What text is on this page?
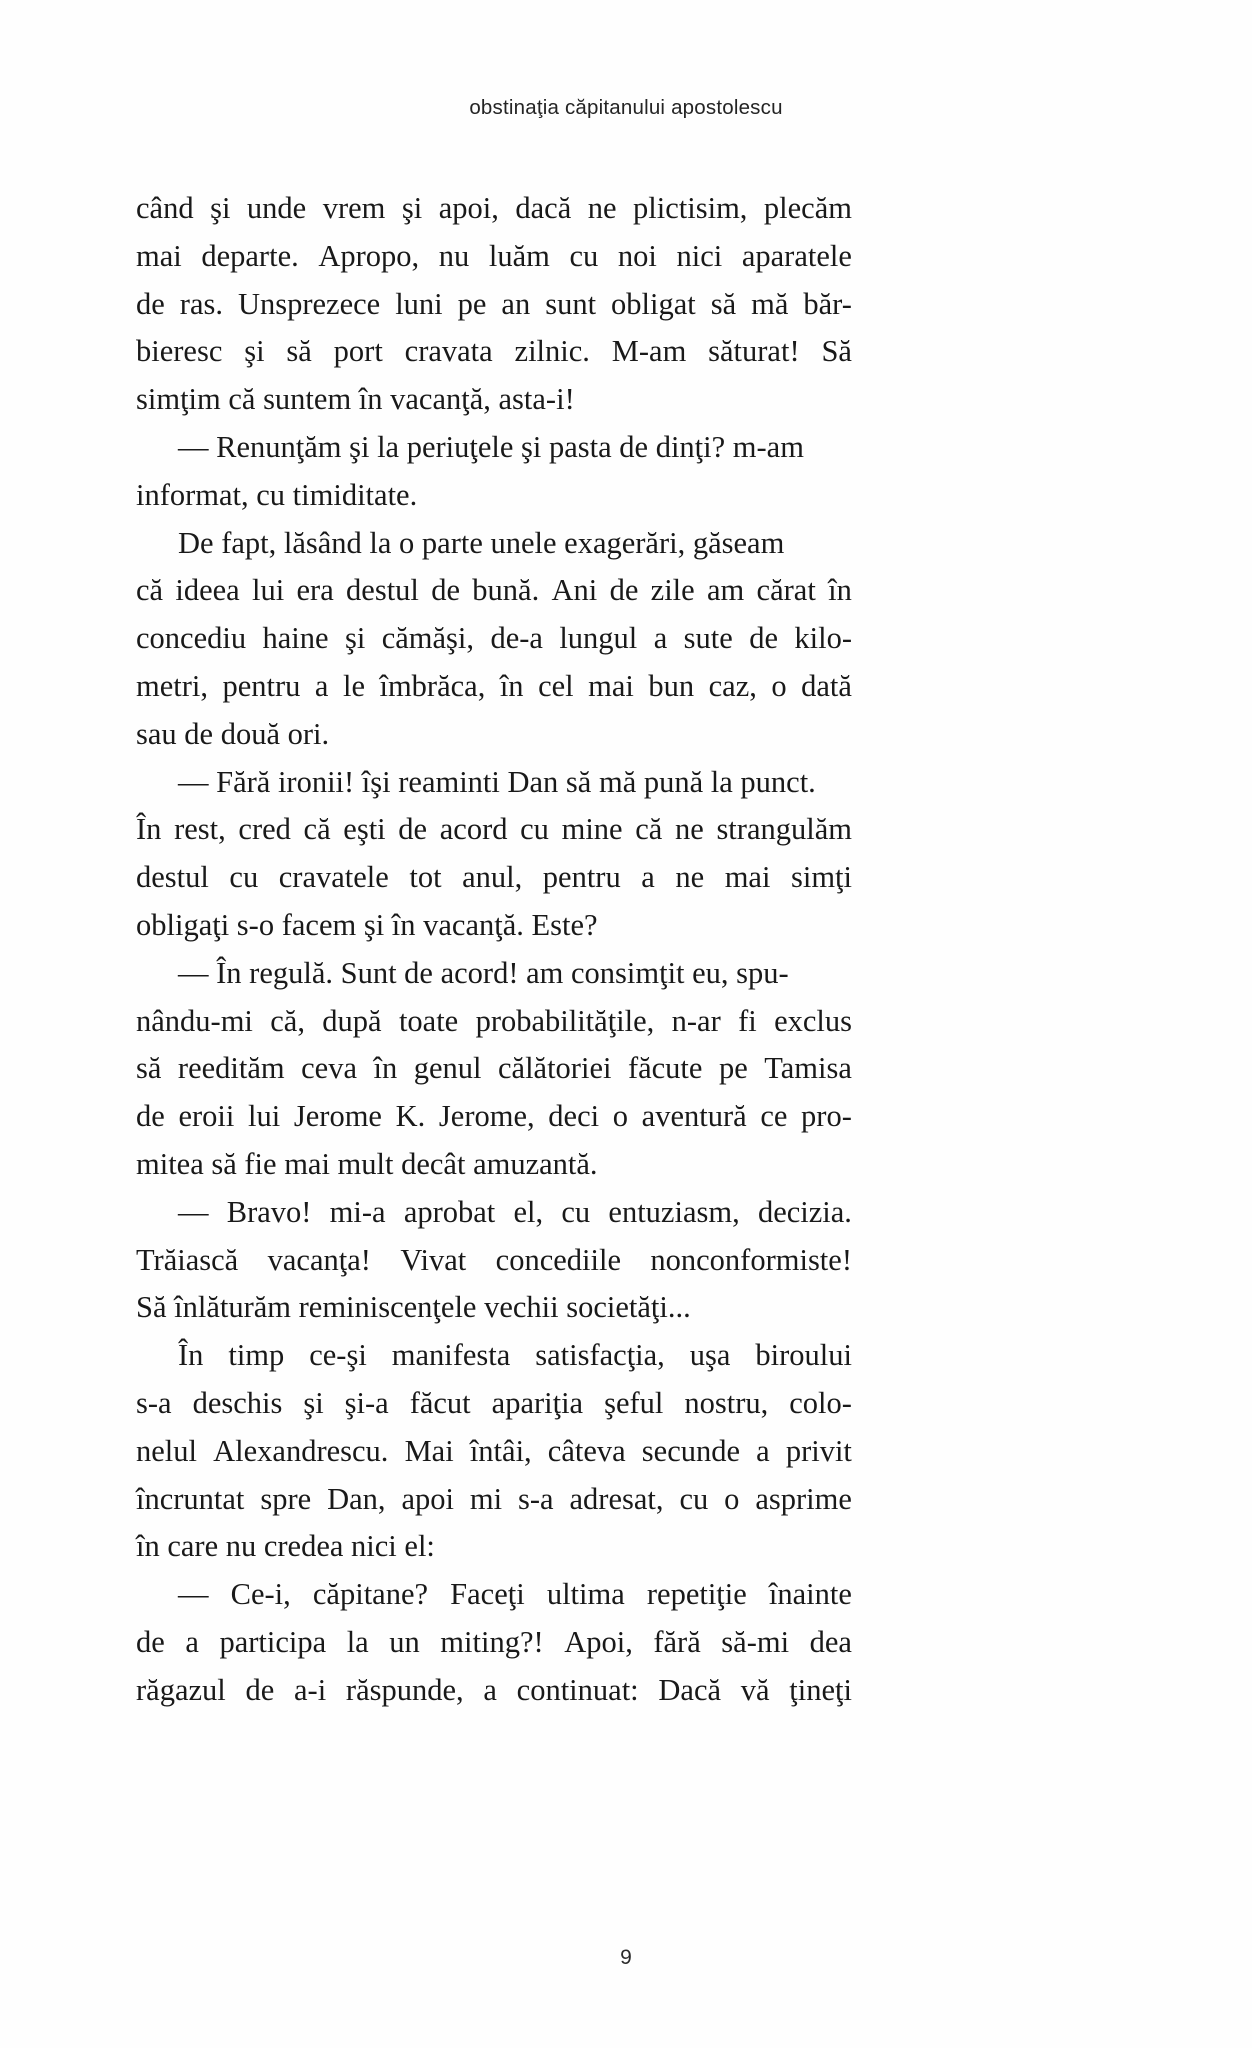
obstinaţia căpitanului apostolescu
când şi unde vrem şi apoi, dacă ne plictisim, plecăm
mai departe. Apropo, nu luăm cu noi nici aparatele
de ras. Unsprezece luni pe an sunt obligat să mă băr-
bieresc şi să port cravata zilnic. M-am săturat! Să
simţim că suntem în vacanţă, asta-i!
— Renunţăm şi la periuţele şi pasta de dinţi? m-am
informat, cu timiditate.
De fapt, lăsând la o parte unele exagerări, găseam
că ideea lui era destul de bună. Ani de zile am cărat în
concediu haine şi cămăşi, de-a lungul a sute de kilo-
metri, pentru a le îmbrăca, în cel mai bun caz, o dată
sau de două ori.
— Fără ironii! îşi reaminti Dan să mă pună la punct.
În rest, cred că eşti de acord cu mine că ne strangulăm
destul cu cravatele tot anul, pentru a ne mai simţi
obligaţi s-o facem şi în vacanţă. Este?
— În regulă. Sunt de acord! am consimţit eu, spu-
nându-mi că, după toate probabilităţile, n-ar fi exclus
să reedităm ceva în genul călătoriei făcute pe Tamisa
de eroii lui Jerome K. Jerome, deci o aventură ce pro-
mitea să fie mai mult decât amuzantă.
— Bravo! mi-a aprobat el, cu entuziasm, decizia.
Trăiască vacanţa! Vivat concediile nonconformiste!
Să înlăturăm reminiscenţele vechii societăţi...
În timp ce-şi manifesta satisfacţia, uşa biroului
s-a deschis şi şi-a făcut apariţia şeful nostru, colo-
nelul Alexandrescu. Mai întâi, câteva secunde a privit
încruntat spre Dan, apoi mi s-a adresat, cu o asprime
în care nu credea nici el:
— Ce-i, căpitane? Faceţi ultima repetiţie înainte
de a participa la un miting?! Apoi, fără să-mi dea
răgazul de a-i răspunde, a continuat: Dacă vă ţineţi
9
